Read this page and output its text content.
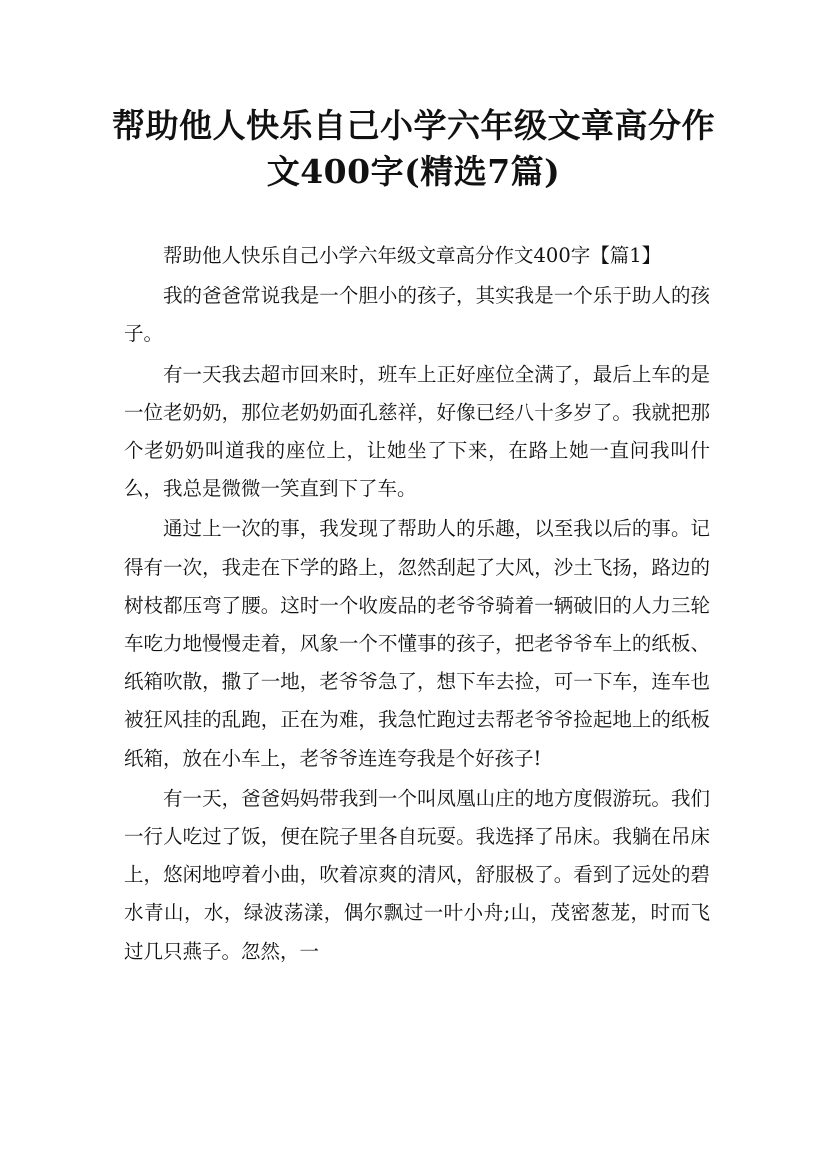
帮助他人快乐自己小学六年级文章高分作
文400字(精选7篇)

帮助他人快乐自己小学六年级文章高分作文400字【篇1】

我的爸爸常说我是一个胆小的孩子，其实我是一个乐于助人的孩子。

有一天我去超市回来时，班车上正好座位全满了，最后上车的是一位老奶奶，那位老奶奶面孔慈祥，好像已经八十多岁了。我就把那个老奶奶叫道我的座位上，让她坐了下来，在路上她一直问我叫什么，我总是微微一笑直到下了车。

通过上一次的事，我发现了帮助人的乐趣，以至我以后的事。记得有一次，我走在下学的路上，忽然刮起了大风，沙土飞扬，路边的树枝都压弯了腰。这时一个收废品的老爷爷骑着一辆破旧的人力三轮车吃力地慢慢走着，风象一个不懂事的孩子，把老爷爷车上的纸板、纸箱吹散，撒了一地，老爷爷急了，想下车去捡，可一下车，连车也被狂风挂的乱跑，正在为难，我急忙跑过去帮老爷爷捡起地上的纸板纸箱，放在小车上，老爷爷连连夸我是个好孩子!

有一天，爸爸妈妈带我到一个叫凤凰山庄的地方度假游玩。我们一行人吃过了饭，便在院子里各自玩耍。我选择了吊床。我躺在吊床上，悠闲地哼着小曲，吹着凉爽的清风，舒服极了。看到了远处的碧水青山，水，绿波荡漾，偶尔飘过一叶小舟;山，茂密葱茏，时而飞过几只燕子。忽然，一
